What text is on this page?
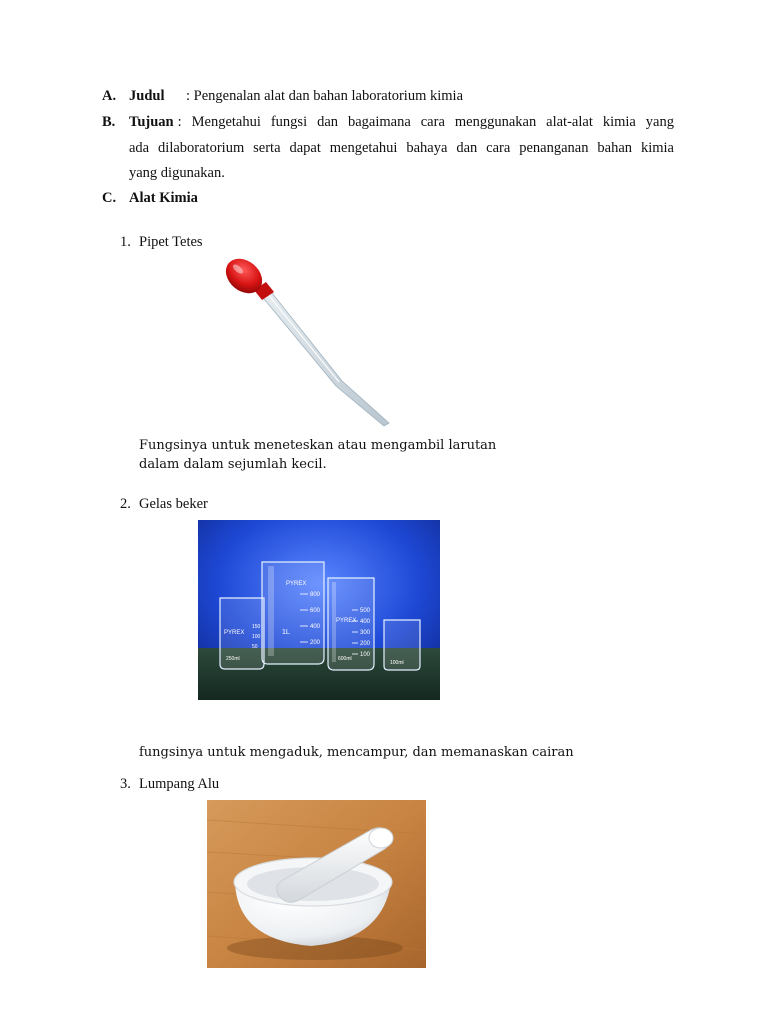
A. Judul : Pengenalan alat dan bahan laboratorium kimia
B. Tujuan : Mengetahui fungsi dan bagaimana cara menggunakan alat-alat kimia yang
ada dilaboratorium serta dapat mengetahui bahaya dan cara penanganan bahan kimia
yang digunakan.
C. Alat Kimia
1. Pipet Tetes
Fungsinya untuk meneteskan atau mengambil larutan
dalam dalam sejumlah kecil.
2. Gelas beker
PYREX
800
600
400
200
1L
PYREX
500
400
300
200
100
600ml
PYREX
150
100
50
250ml
100ml
fungsinya untuk mengaduk, mencampur, dan memanaskan cairan
3. Lumpang Alu
